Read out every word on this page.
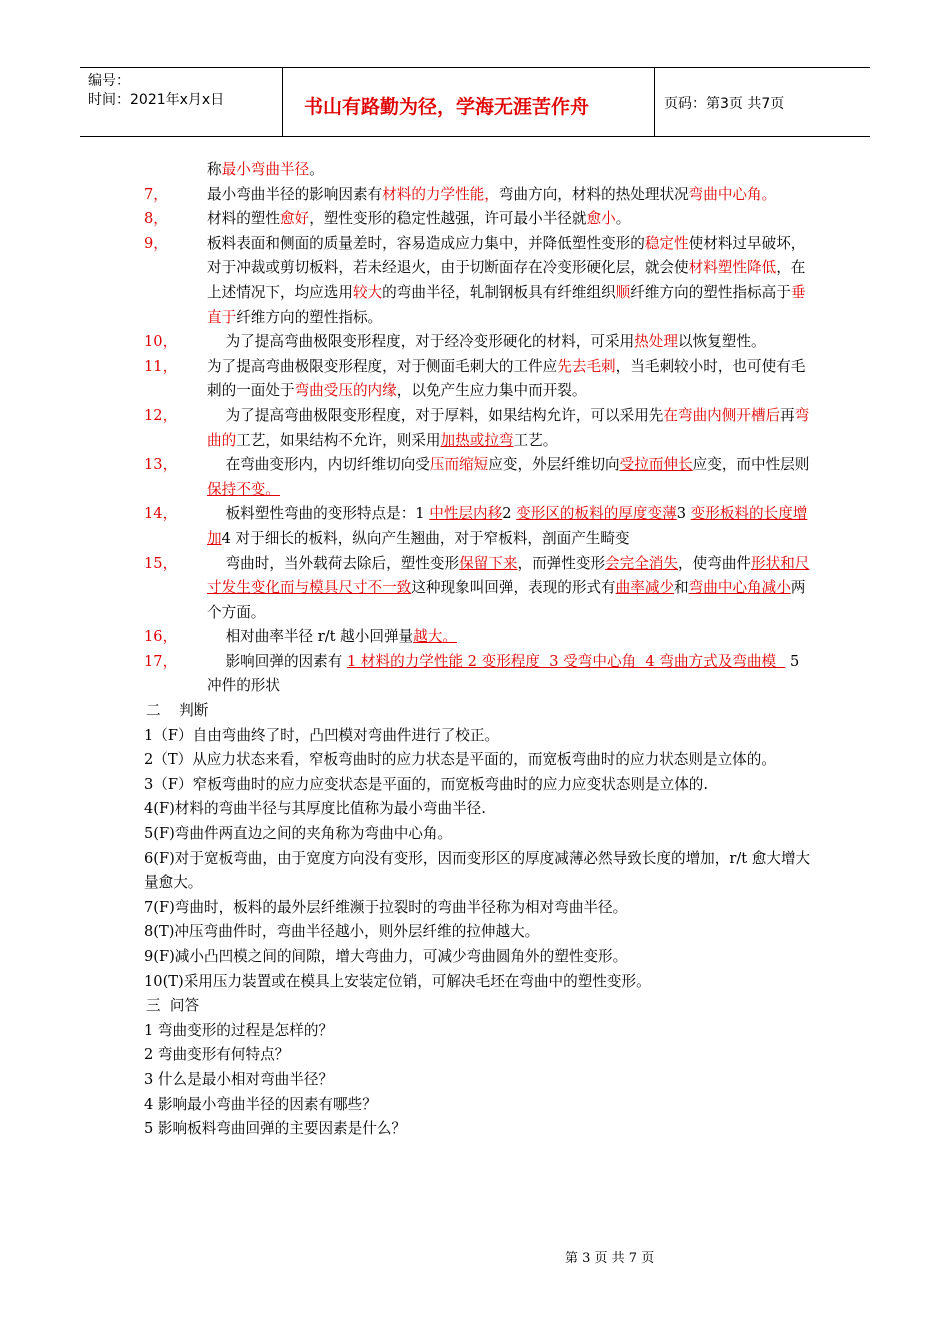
编号：
时间：2021年x月x日	书山有路勤为径，学海无涯苦作舟	页码：第3页 共7页
称最小弯曲半径。
7，	最小弯曲半径的影响因素有材料的力学性能，弯曲方向，材料的热处理状况弯曲中心角。
8，	材料的塑性愈好，塑性变形的稳定性越强，许可最小半径就愈小。
9，	板料表面和侧面的质量差时，容易造成应力集中，并降低塑性变形的稳定性使材料过早破坏，对于冲裁或剪切板料，若未经退火，由于切断面存在冷变形硬化层，就会使材料塑性降低，在上述情况下，均应选用较大的弯曲半径，轧制钢板具有纤维组织顺纤维方向的塑性指标高于垂直于纤维方向的塑性指标。
10，	为了提高弯曲极限变形程度，对于经冷变形硬化的材料，可采用热处理以恢复塑性。
11，	为了提高弯曲极限变形程度，对于侧面毛刺大的工件应先去毛刺，当毛刺较小时，也可使有毛刺的一面处于弯曲受压的内缘，以免产生应力集中而开裂。
12，	为了提高弯曲极限变形程度，对于厚料，如果结构允许，可以采用先在弯曲内侧开槽后再弯曲的工艺，如果结构不允许，则采用加热或拉弯工艺。
13，	在弯曲变形内，内切纤维切向受压而缩短应变，外层纤维切向受拉而伸长应变，而中性层则保持不变。
14，	板料塑性弯曲的变形特点是：1 中性层内移2 变形区的板料的厚度变薄3 变形板料的长度增加4 对于细长的板料，纵向产生翘曲，对于窄板料，剖面产生畸变
15，	弯曲时，当外载荷去除后，塑性变形保留下来，而弹性变形会完全消失，使弯曲件形状和尺寸发生变化而与模具尺寸不一致这种现象叫回弹，表现的形式有曲率减少和弯曲中心角减小两个方面。
16，	相对曲率半径 r/t 越小回弹量越大。
17，	影响回弹的因素有 1 材料的力学性能 2 变形程度  3 受弯中心角  4 弯曲方式及弯曲模   5 冲件的形状
二    判断
1（F）自由弯曲终了时，凸凹模对弯曲件进行了校正。
2（T）从应力状态来看，窄板弯曲时的应力状态是平面的，而宽板弯曲时的应力状态则是立体的。
3（F）窄板弯曲时的应力应变状态是平面的，而宽板弯曲时的应力应变状态则是立体的.
4(F)材料的弯曲半径与其厚度比值称为最小弯曲半径.
5(F)弯曲件两直边之间的夹角称为弯曲中心角。
6(F)对于宽板弯曲，由于宽度方向没有变形，因而变形区的厚度减薄必然导致长度的增加，r/t 愈大增大量愈大。
7(F)弯曲时，板料的最外层纤维濒于拉裂时的弯曲半径称为相对弯曲半径。
8(T)冲压弯曲件时，弯曲半径越小，则外层纤维的拉伸越大。
9(F)减小凸凹模之间的间隙，增大弯曲力，可减少弯曲圆角外的塑性变形。
10(T)采用压力装置或在模具上安装定位销，可解决毛坯在弯曲中的塑性变形。
三  问答
1 弯曲变形的过程是怎样的？
2 弯曲变形有何特点？
3 什么是最小相对弯曲半径？
4 影响最小弯曲半径的因素有哪些？
5 影响板料弯曲回弹的主要因素是什么？
第 3 页 共 7 页
